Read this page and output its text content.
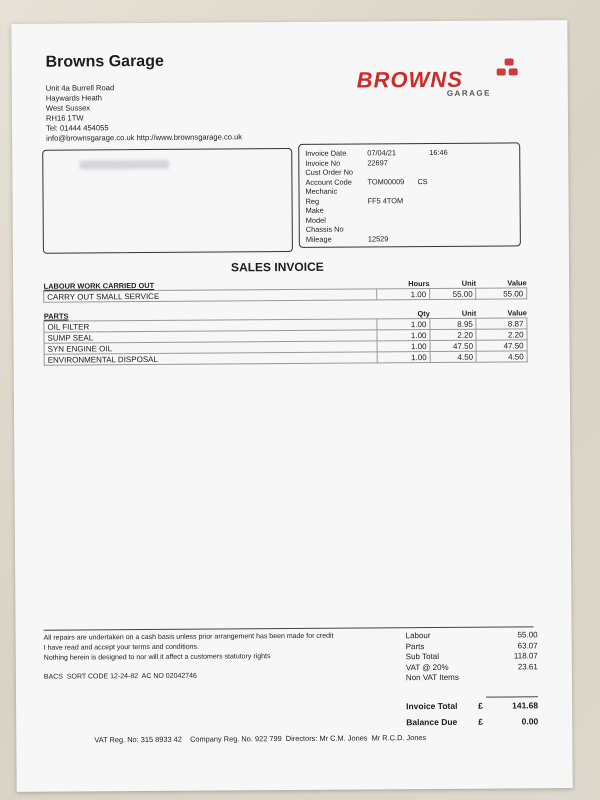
Browns Garage
Unit 4a Burrell Road
Haywards Heath
West Sussex
RH16 1TW
Tel: 01444 454055
info@brownsgarage.co.uk http://www.brownsgarage.co.uk
BROWNS
GARAGE
Invoice Date	07/04/21	16:46
Invoice No	22697
Cust Order No
Account Code TOM00009 CS
Mechanic
Reg	FF5 4TOM
Make
Model
Chassis No
Mileage	12529
SALES INVOICE
LABOUR WORK CARRIED OUT	Hours	Unit	Value
CARRY OUT SMALL SERVICE	1.00	55.00	55.00
PARTS	Qty	Unit	Value
OIL FILTER	1.00	8.95	8.87
SUMP SEAL	1.00	2.20	2.20
SYN ENGINE OIL	1.00	47.50	47.50
ENVIRONMENTAL DISPOSAL	1.00	4.50	4.50
All repairs are undertaken on a cash basis unless prior arrangement has been made for credit
I have read and accept your terms and conditions.
Nothing herein is designed to nor will it affect a customers statutory rights
BACS  SORT CODE 12-24-82  AC NO 02042746
Labour	55.00
Parts	63.07
Sub Total	118.07
VAT @ 20%	23.61
Non VAT Items
Invoice Total £	141.68
Balance Due £	0.00
VAT Reg. No: 315 8933 42    Company Reg. No. 922 799  Directors: Mr C.M. Jones  Mr R.C.D. Jones
